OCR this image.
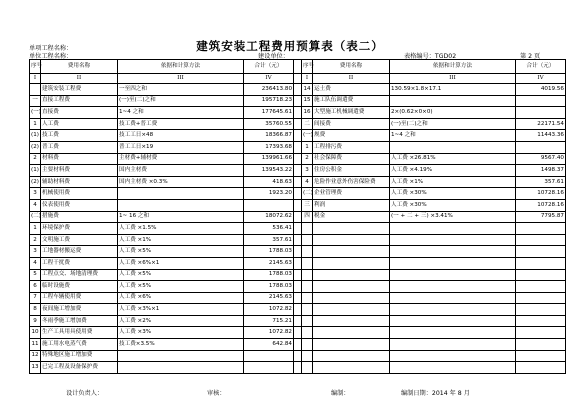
建筑安装工程费用预算表（表二）
单项工程名称：
单位工程名称：	建设单位：	表格编号：TGD02	第 2 页
序号	费用名称	依据和计算方法	合计（元）		序号	费用名称	依据和计算方法	合计（元）
I	II	III	IV		I	II	III	IV
	建筑安装工程费	一至四之和	236413.80		14	运土费	130.59×1.8×17.1	4019.56
一	直接工程费	(一)至(二)之和	195718.23		15	施工队伍调遣费		
(一)	直接费	1~4 之和	177645.61		16	大型施工机械调遣费	2×(0.62×0×0)	
1	人工费	技工费+普工费	35760.55		二	间接费	(一)至(二)之和	22171.54
(1)	技工费	技工工日×48	18366.87		(一)	规费	1~4 之和	11443.36
(2)	普工费	普工工日×19	17393.68		1	工程排污费		
2	材料费	主材费+辅材费	139961.66		2	社会保障费	人工费 ×26.81%	9567.40
(1)	主要材料费	国内主材费	139543.22		3	住房公积金	人工费 ×4.19%	1498.37
(2)	辅助材料费	国内主材费 ×0.3%	418.63		4	危险作业意外伤害保险费	人工费 ×1%	357.61
3	机械使用费		1923.20		(二)	企业管理费	人工费 ×30%	10728.16
4	仪表使用费				三	利润	人工费 ×30%	10728.16
(二)	措施费	1~ 16 之和	18072.62		四	税金	(一 + 二 + 三) ×3.41%	7795.87
1	环境保护费	人工费 ×1.5%	536.41					
2	文明施工费	人工费 ×1%	357.61					
3	工地器材搬运费	人工费 ×5%	1788.03					
4	工程干扰费	人工费 ×6%×1	2145.63					
5	工程点交、场地清理费	人工费 ×5%	1788.03					
6	临时设施费	人工费 ×5%	1788.03					
7	工程车辆使用费	人工费 ×6%	2145.63					
8	夜间施工增加费	人工费 ×3%×1	1072.82					
9	冬雨季施工增加费	人工费 ×2%	715.21					
10	生产工具用具使用费	人工费 ×3%	1072.82					
11	施工用水电蒸气费	技工费×3.5%	642.84					
12	特殊地区施工增加费							
13	已完工程及设备保护费							
设计负责人：	审核：	编制：	编制日期：2014 年 8 月
